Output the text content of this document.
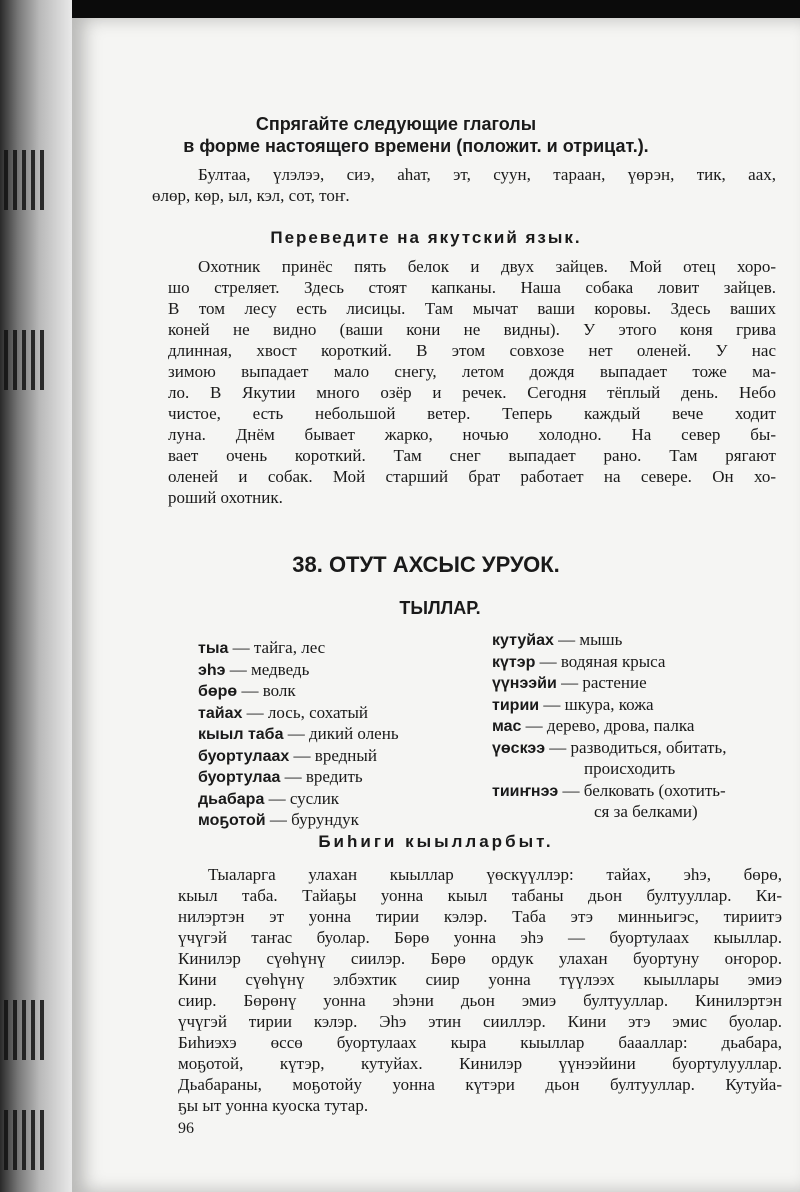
Спрягайте следующие глаголы
в форме настоящего времени (положит. и отрицат.).
Бултаа, үлэлээ, сиэ, аhат, эт, суун, тараан, үөрэн, тик, аах,
өлөр, көр, ыл, кэл, сот, тоҥ.
Переведите на якутский язык.
Охотник принёс пять белок и двух зайцев. Мой отец хоро-
шо стреляет. Здесь стоят капканы. Наша собака ловит зайцев.
В том лесу есть лисицы. Там мычат ваши коровы. Здесь ваших
коней не видно (ваши кони не видны). У этого коня грива
длинная, хвост короткий. В этом совхозе нет оленей. У нас
зимою выпадает мало снегу, летом дождя выпадает тоже ма-
ло. В Якутии много озёр и речек. Сегодня тёплый день. Небо
чистое, есть небольшой ветер. Теперь каждый вече ходит
луна. Днём бывает жарко, ночью холодно. На север бы-
вает очень короткий. Там снег выпадает рано. Там рягают
оленей и собак. Мой старший брат работает на севере. Он хо-
роший охотник.
38. ОТУТ АХСЫС УРУОК.
ТЫЛЛАР.
тыа — тайга, лес
эhэ — медведь
бөрө — волк
тайах — лось, сохатый
кыыл таба — дикий олень
буортулаах — вредный
буортулаа — вредить
дьабара — суслик
моҕотой — бурундук
кутуйах — мышь
күтэр — водяная крыса
үүнээйи — растение
тирии — шкура, кожа
мас — дерево, дрова, палка
үөскээ — разводиться, обитать,
происходить
тииҥнээ — белковать (охотить-
ся за белками)
Биhиги кыылларбыт.
Тыаларга улахан кыыллар үөскүүллэр: тайах, эhэ, бөрө,
кыыл таба. Тайаҕы уонна кыыл табаны дьон бултууллар. Ки-
нилэртэн эт уонна тирии кэлэр. Таба этэ минньигэс, тириитэ
үчүгэй таҥас буолар. Бөрө уонна эhэ — буортулаах кыыллар.
Кинилэр сүөhүнү сиилэр. Бөрө ордук улахан буортуну оҥорор.
Кини сүөhүнү элбэхтик сиир уонна түүлээх кыыллары эмиэ
сиир. Бөрөнү уонна эhэни дьон эмиэ бултууллар. Кинилэртэн
үчүгэй тирии кэлэр. Эhэ этин сииллэр. Кини этэ эмис буолар.
Биhиэхэ өссө буортулаах кыра кыыллар баааллар: дьабара,
моҕотой, күтэр, кутуйах. Кинилэр үүнээйини буортулууллар.
Дьабараны, моҕотойу уонна күтэри дьон бултууллар. Кутуйа-
ҕы ыт уонна куоска тутар.
96
